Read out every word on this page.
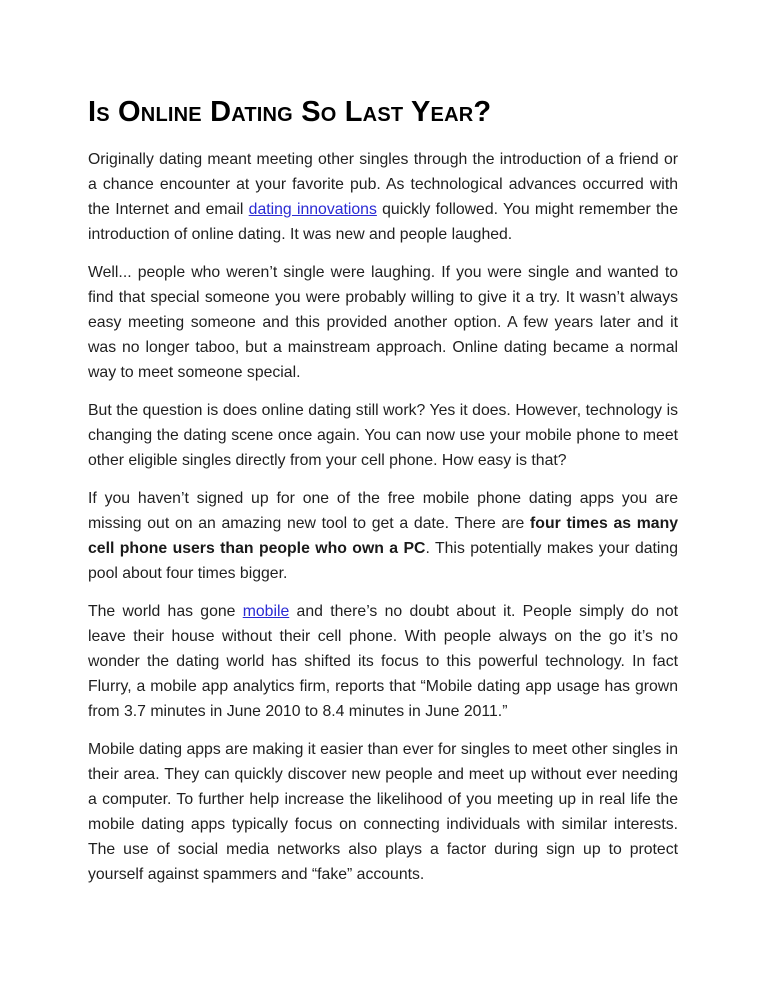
Is Online Dating So Last Year?

Originally dating meant meeting other singles through the introduction of a friend or a chance encounter at your favorite pub. As technological advances occurred with the Internet and email dating innovations quickly followed. You might remember the introduction of online dating. It was new and people laughed.

Well... people who weren’t single were laughing. If you were single and wanted to find that special someone you were probably willing to give it a try. It wasn’t always easy meeting someone and this provided another option. A few years later and it was no longer taboo, but a mainstream approach. Online dating became a normal way to meet someone special.

But the question is does online dating still work? Yes it does. However, technology is changing the dating scene once again. You can now use your mobile phone to meet other eligible singles directly from your cell phone. How easy is that?

If you haven’t signed up for one of the free mobile phone dating apps you are missing out on an amazing new tool to get a date. There are four times as many cell phone users than people who own a PC. This potentially makes your dating pool about four times bigger.

The world has gone mobile and there’s no doubt about it. People simply do not leave their house without their cell phone. With people always on the go it’s no wonder the dating world has shifted its focus to this powerful technology. In fact Flurry, a mobile app analytics firm, reports that “Mobile dating app usage has grown from 3.7 minutes in June 2010 to 8.4 minutes in June 2011.”

Mobile dating apps are making it easier than ever for singles to meet other singles in their area. They can quickly discover new people and meet up without ever needing a computer. To further help increase the likelihood of you meeting up in real life the mobile dating apps typically focus on connecting individuals with similar interests. The use of social media networks also plays a factor during sign up to protect yourself against spammers and “fake” accounts.
